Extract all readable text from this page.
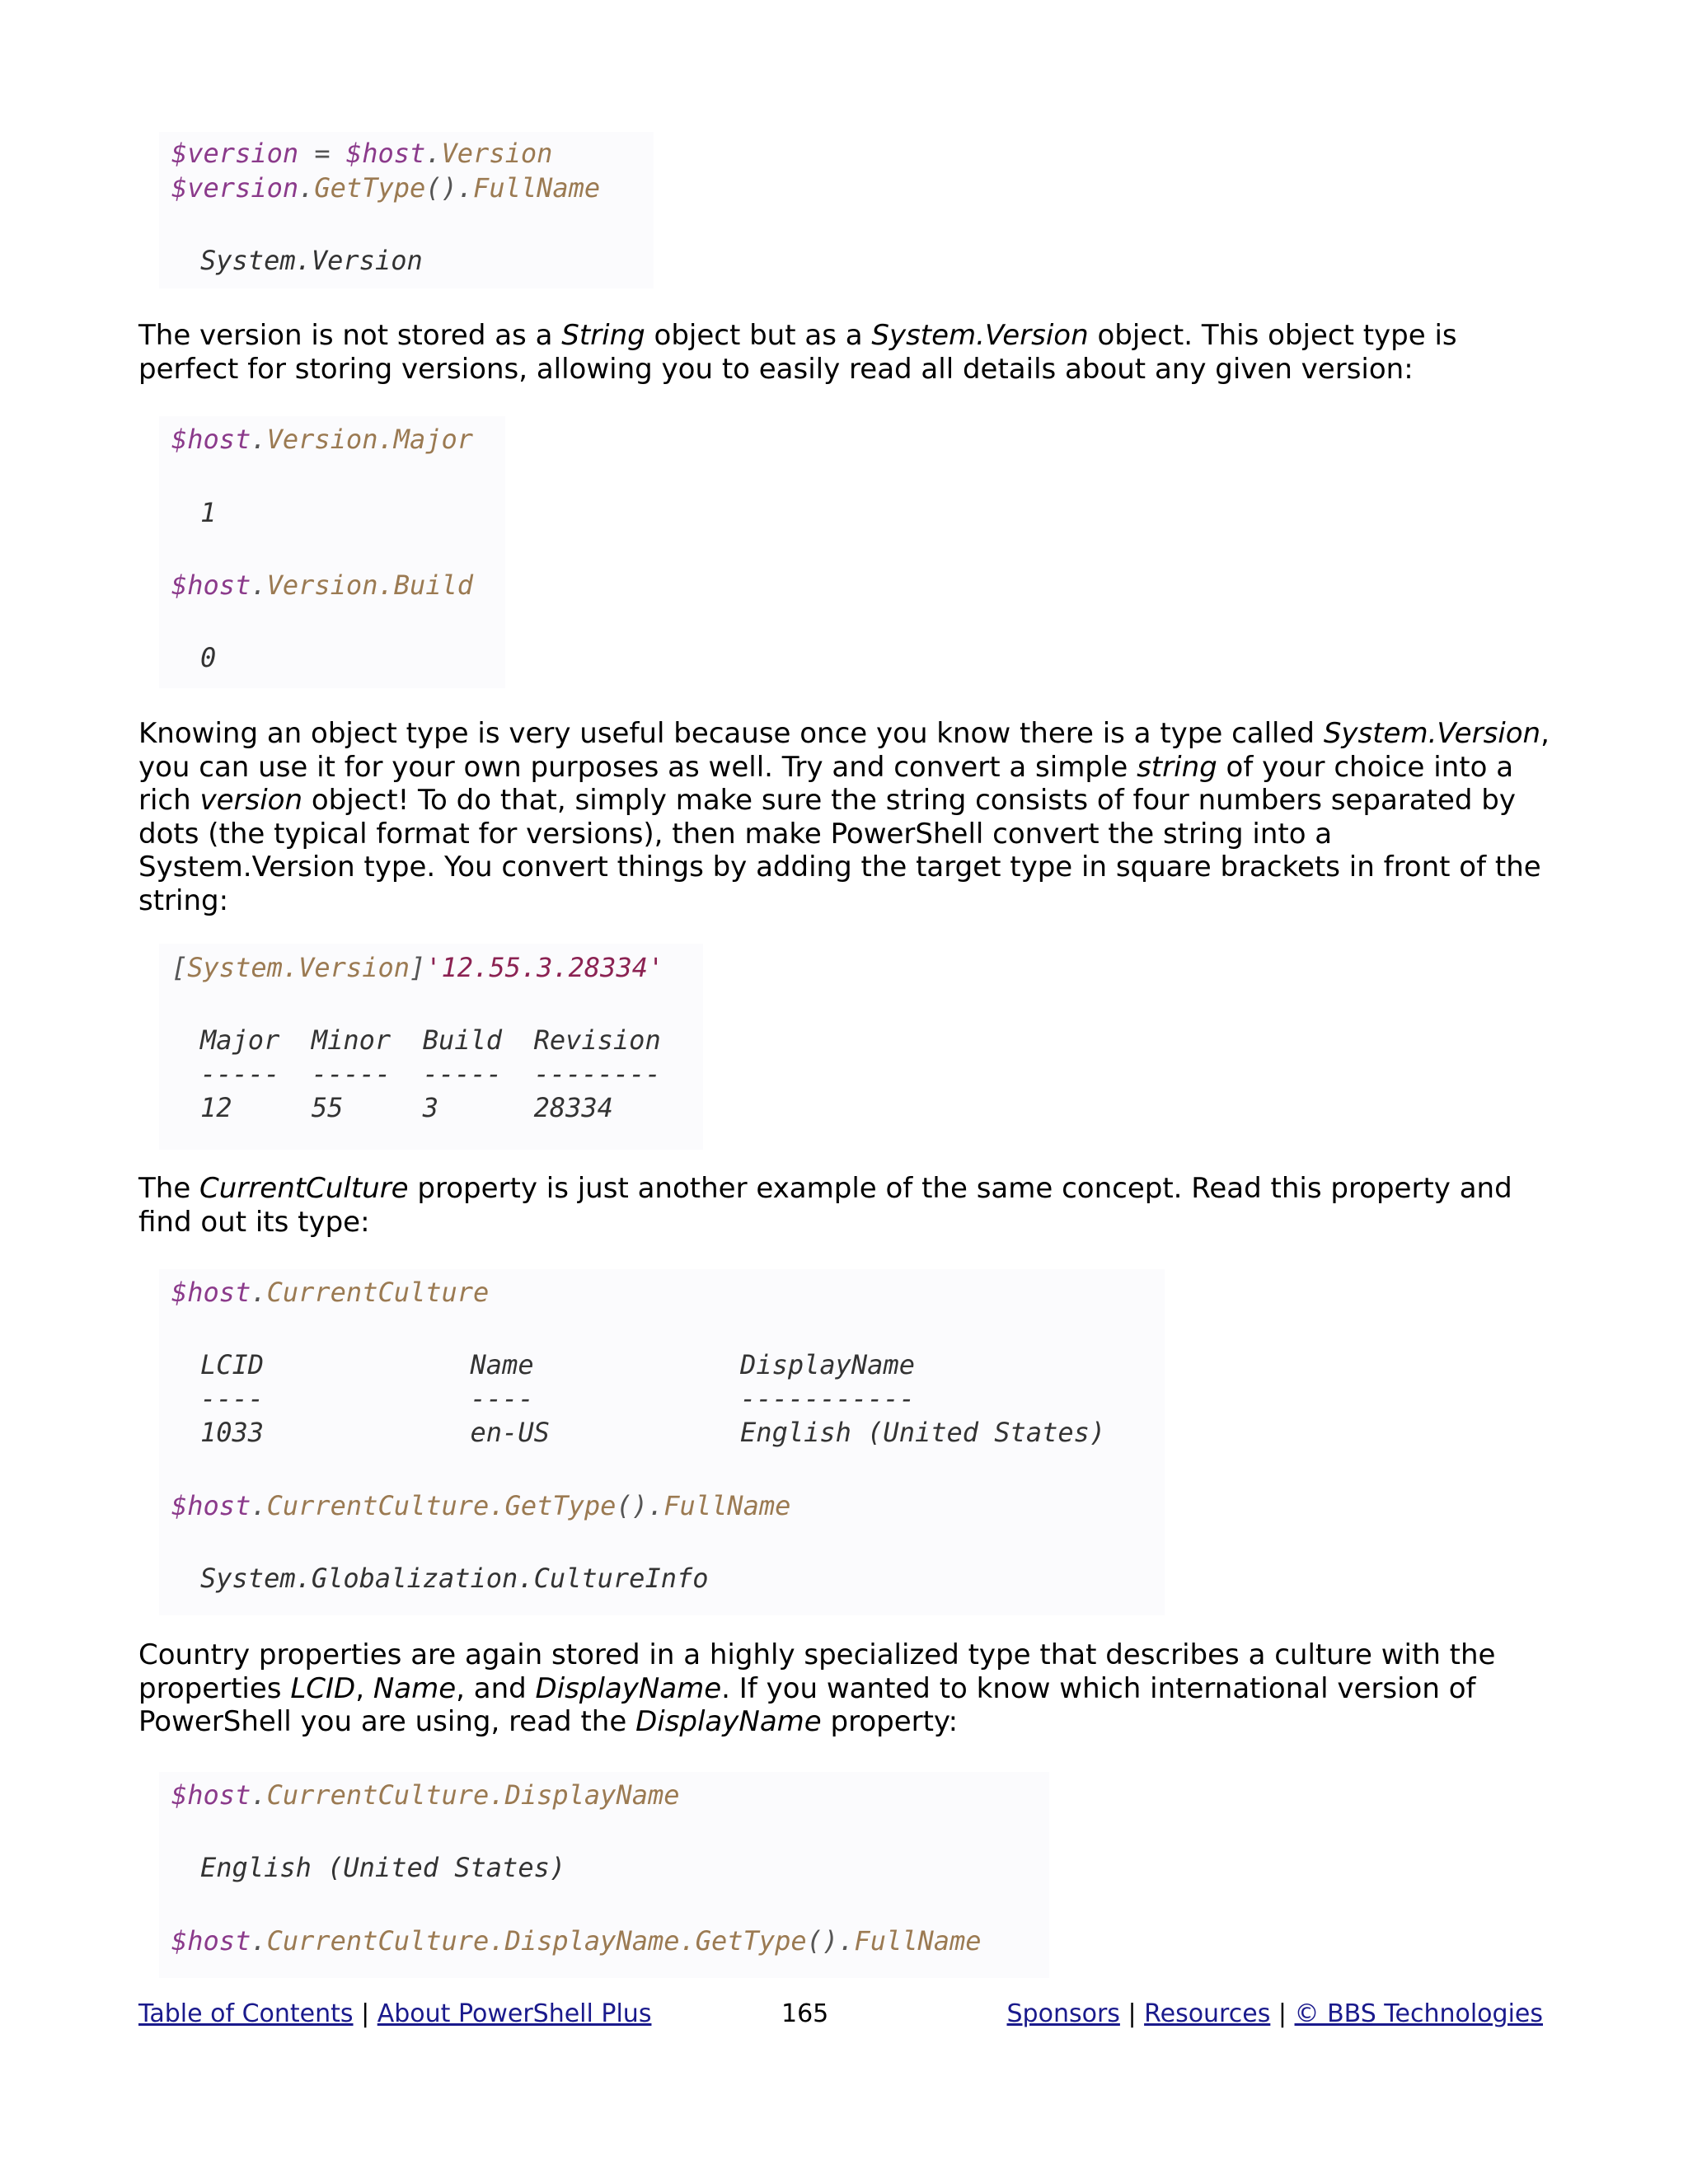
$version = $host.Version
$version.GetType().FullName
System.Version

The version is not stored as a String object but as a System.Version object. This object type is perfect for storing versions, allowing you to easily read all details about any given version:

$host.Version.Major
1
$host.Version.Build
0

Knowing an object type is very useful because once you know there is a type called System.Version, you can use it for your own purposes as well. Try and convert a simple string of your choice into a rich version object! To do that, simply make sure the string consists of four numbers separated by dots (the typical format for versions), then make PowerShell convert the string into a System.Version type. You convert things by adding the target type in square brackets in front of the string:

[System.Version]'12.55.3.28334'
Major  Minor  Build  Revision
-----  -----  -----  --------
12     55     3      28334

The CurrentCulture property is just another example of the same concept. Read this property and find out its type:

$host.CurrentCulture
LCID             Name             DisplayName
----             ----             -----------
1033             en-US            English (United States)
$host.CurrentCulture.GetType().FullName
System.Globalization.CultureInfo

Country properties are again stored in a highly specialized type that describes a culture with the properties LCID, Name, and DisplayName. If you wanted to know which international version of PowerShell you are using, read the DisplayName property:

$host.CurrentCulture.DisplayName
English (United States)
$host.CurrentCulture.DisplayName.GetType().FullName
Table of Contents | About PowerShell Plus	165	Sponsors | Resources | © BBS Technologies
